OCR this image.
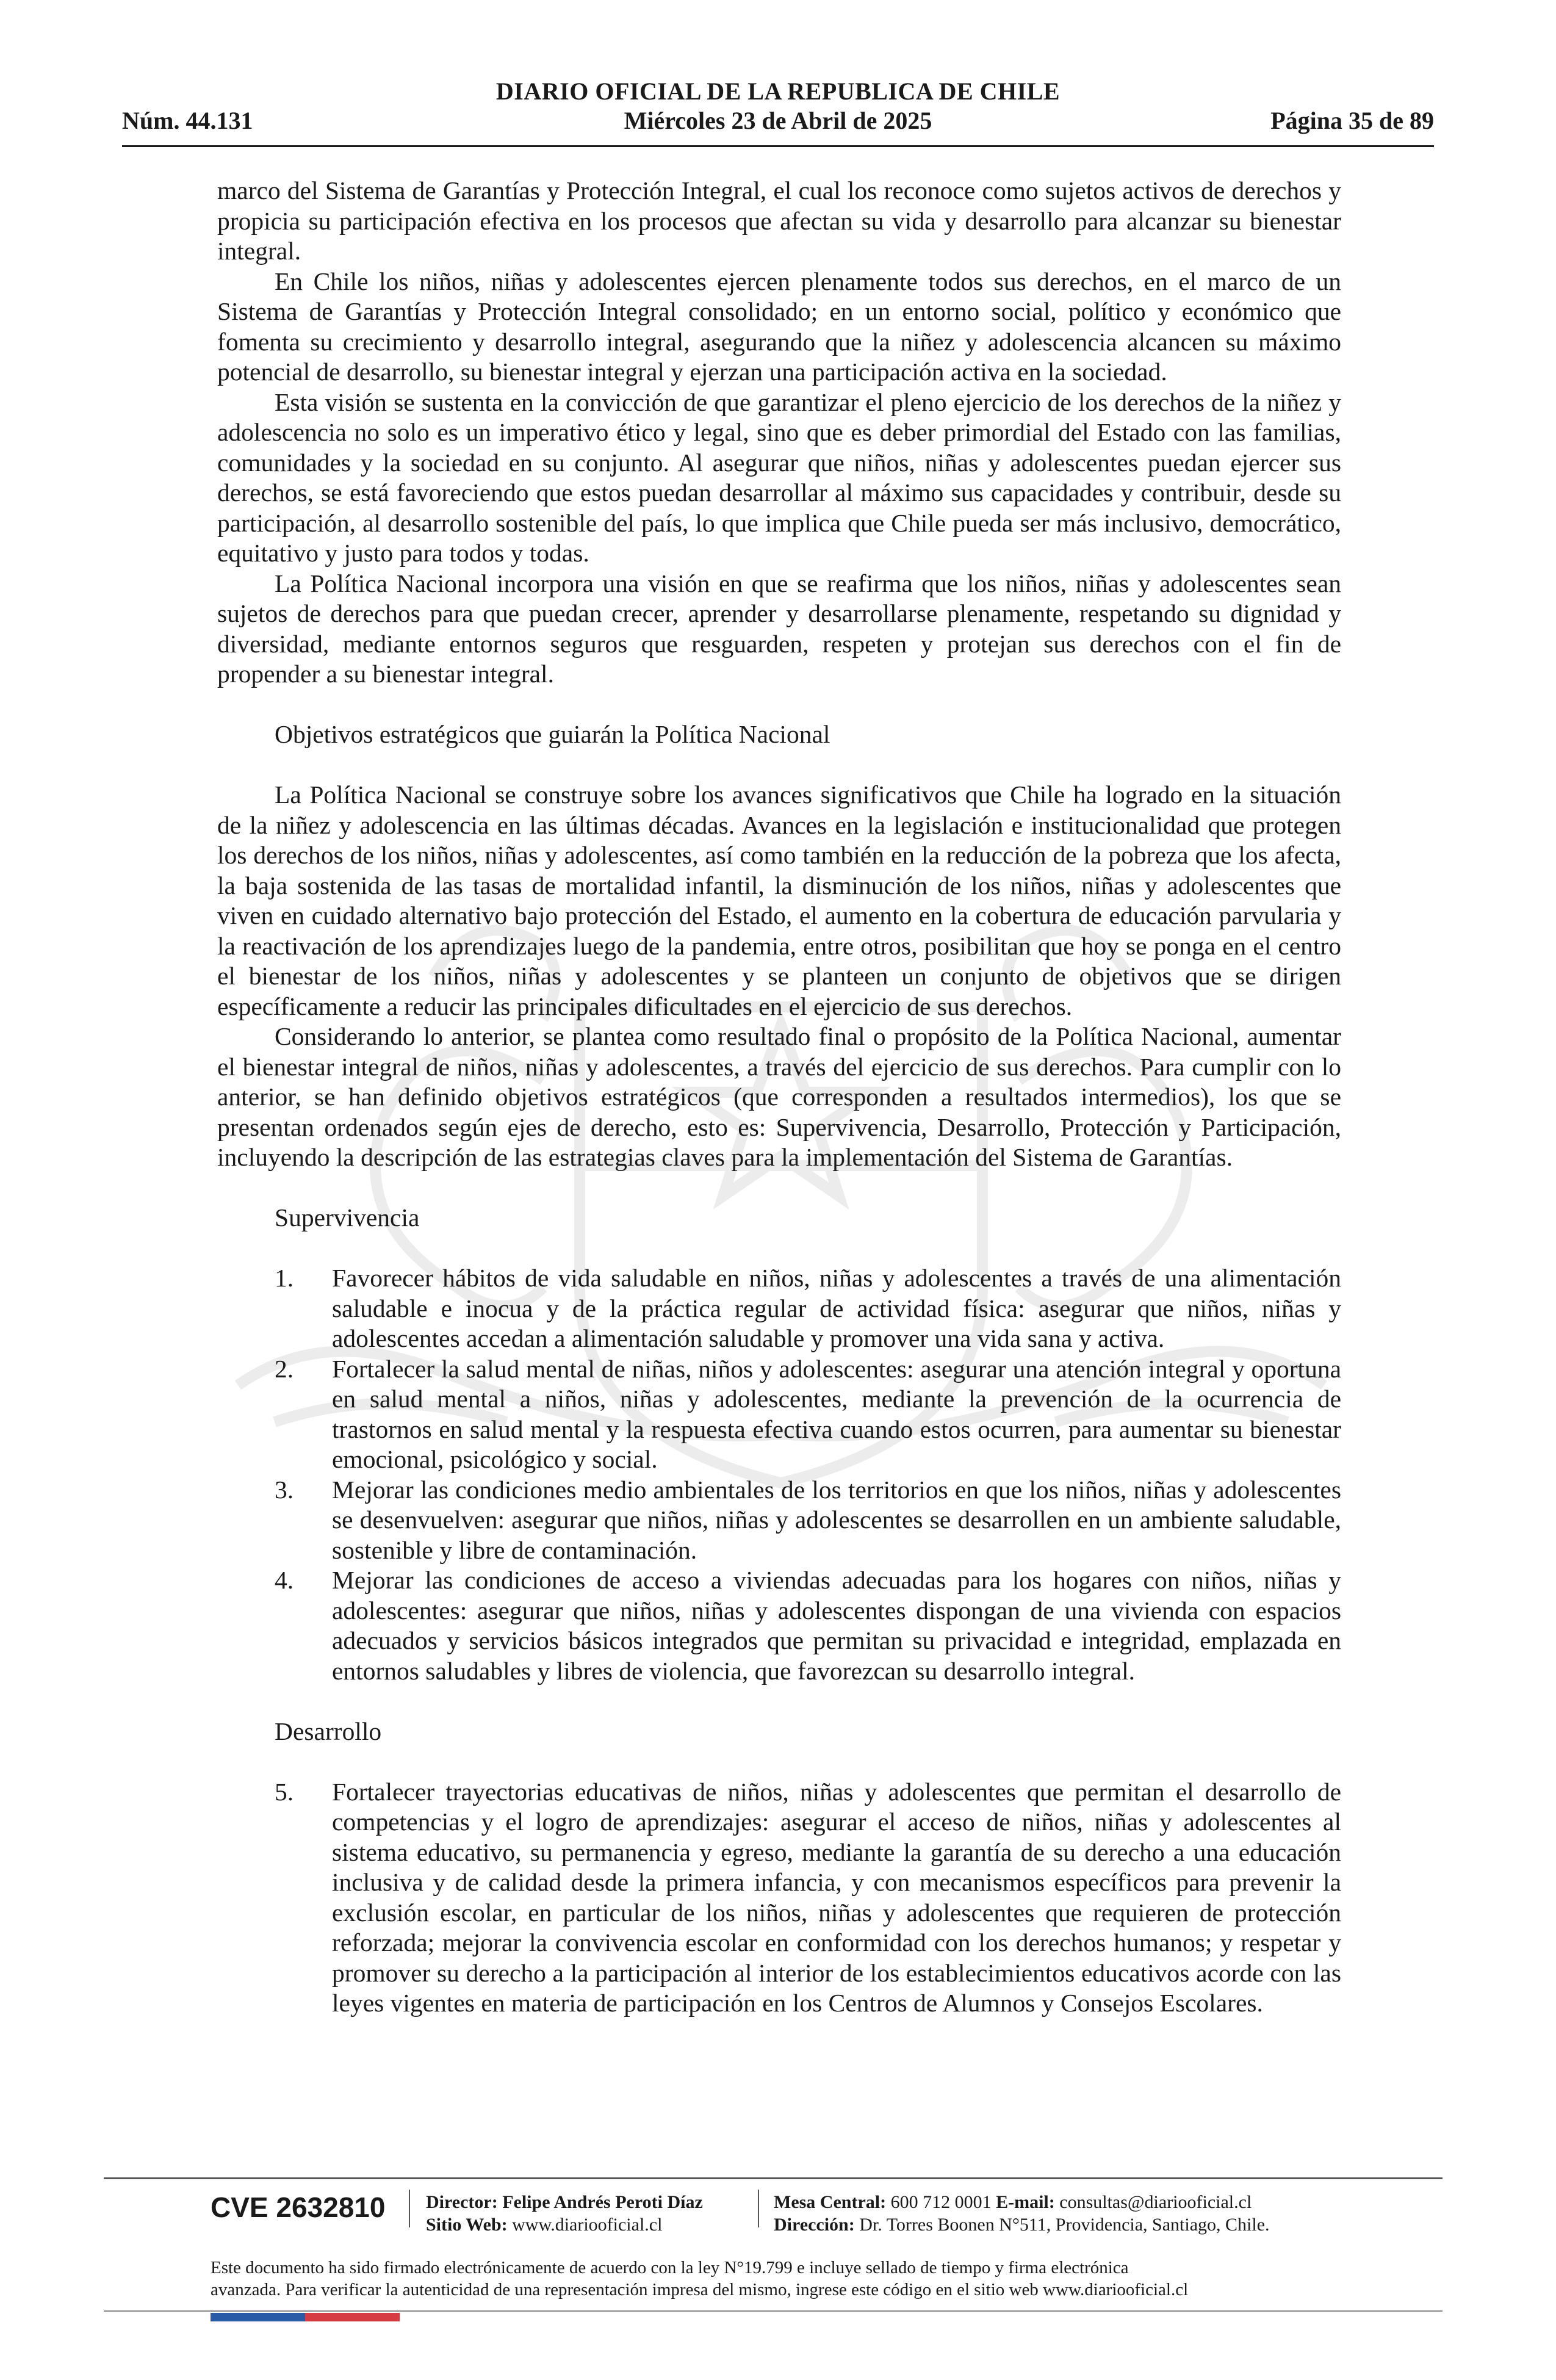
DIARIO OFICIAL DE LA REPUBLICA DE CHILE
Núm. 44.131	Miércoles 23 de Abril de 2025	Página 35 de 89

marco del Sistema de Garantías y Protección Integral, el cual los reconoce como sujetos activos de derechos y propicia su participación efectiva en los procesos que afectan su vida y desarrollo para alcanzar su bienestar integral.

En Chile los niños, niñas y adolescentes ejercen plenamente todos sus derechos, en el marco de un Sistema de Garantías y Protección Integral consolidado; en un entorno social, político y económico que fomenta su crecimiento y desarrollo integral, asegurando que la niñez y adolescencia alcancen su máximo potencial de desarrollo, su bienestar integral y ejerzan una participación activa en la sociedad.

Esta visión se sustenta en la convicción de que garantizar el pleno ejercicio de los derechos de la niñez y adolescencia no solo es un imperativo ético y legal, sino que es deber primordial del Estado con las familias, comunidades y la sociedad en su conjunto. Al asegurar que niños, niñas y adolescentes puedan ejercer sus derechos, se está favoreciendo que estos puedan desarrollar al máximo sus capacidades y contribuir, desde su participación, al desarrollo sostenible del país, lo que implica que Chile pueda ser más inclusivo, democrático, equitativo y justo para todos y todas.

La Política Nacional incorpora una visión en que se reafirma que los niños, niñas y adolescentes sean sujetos de derechos para que puedan crecer, aprender y desarrollarse plenamente, respetando su dignidad y diversidad, mediante entornos seguros que resguarden, respeten y protejan sus derechos con el fin de propender a su bienestar integral.

Objetivos estratégicos que guiarán la Política Nacional

La Política Nacional se construye sobre los avances significativos que Chile ha logrado en la situación de la niñez y adolescencia en las últimas décadas. Avances en la legislación e institucionalidad que protegen los derechos de los niños, niñas y adolescentes, así como también en la reducción de la pobreza que los afecta, la baja sostenida de las tasas de mortalidad infantil, la disminución de los niños, niñas y adolescentes que viven en cuidado alternativo bajo protección del Estado, el aumento en la cobertura de educación parvularia y la reactivación de los aprendizajes luego de la pandemia, entre otros, posibilitan que hoy se ponga en el centro el bienestar de los niños, niñas y adolescentes y se planteen un conjunto de objetivos que se dirigen específicamente a reducir las principales dificultades en el ejercicio de sus derechos.

Considerando lo anterior, se plantea como resultado final o propósito de la Política Nacional, aumentar el bienestar integral de niños, niñas y adolescentes, a través del ejercicio de sus derechos. Para cumplir con lo anterior, se han definido objetivos estratégicos (que corresponden a resultados intermedios), los que se presentan ordenados según ejes de derecho, esto es: Supervivencia, Desarrollo, Protección y Participación, incluyendo la descripción de las estrategias claves para la implementación del Sistema de Garantías.

Supervivencia

1. Favorecer hábitos de vida saludable en niños, niñas y adolescentes a través de una alimentación saludable e inocua y de la práctica regular de actividad física: asegurar que niños, niñas y adolescentes accedan a alimentación saludable y promover una vida sana y activa.
2. Fortalecer la salud mental de niñas, niños y adolescentes: asegurar una atención integral y oportuna en salud mental a niños, niñas y adolescentes, mediante la prevención de la ocurrencia de trastornos en salud mental y la respuesta efectiva cuando estos ocurren, para aumentar su bienestar emocional, psicológico y social.
3. Mejorar las condiciones medio ambientales de los territorios en que los niños, niñas y adolescentes se desenvuelven: asegurar que niños, niñas y adolescentes se desarrollen en un ambiente saludable, sostenible y libre de contaminación.
4. Mejorar las condiciones de acceso a viviendas adecuadas para los hogares con niños, niñas y adolescentes: asegurar que niños, niñas y adolescentes dispongan de una vivienda con espacios adecuados y servicios básicos integrados que permitan su privacidad e integridad, emplazada en entornos saludables y libres de violencia, que favorezcan su desarrollo integral.

Desarrollo

5. Fortalecer trayectorias educativas de niños, niñas y adolescentes que permitan el desarrollo de competencias y el logro de aprendizajes: asegurar el acceso de niños, niñas y adolescentes al sistema educativo, su permanencia y egreso, mediante la garantía de su derecho a una educación inclusiva y de calidad desde la primera infancia, y con mecanismos específicos para prevenir la exclusión escolar, en particular de los niños, niñas y adolescentes que requieren de protección reforzada; mejorar la convivencia escolar en conformidad con los derechos humanos; y respetar y promover su derecho a la participación al interior de los establecimientos educativos acorde con las leyes vigentes en materia de participación en los Centros de Alumnos y Consejos Escolares.
CVE 2632810 Director: Felipe Andrés Peroti Díaz
Sitio Web: www.diariooficial.cl
Mesa Central: 600 712 0001 E-mail: consultas@diariooficial.cl
Dirección: Dr. Torres Boonen N°511, Providencia, Santiago, Chile.
Este documento ha sido firmado electrónicamente de acuerdo con la ley N°19.799 e incluye sellado de tiempo y firma electrónica
avanzada. Para verificar la autenticidad de una representación impresa del mismo, ingrese este código en el sitio web www.diariooficial.cl
